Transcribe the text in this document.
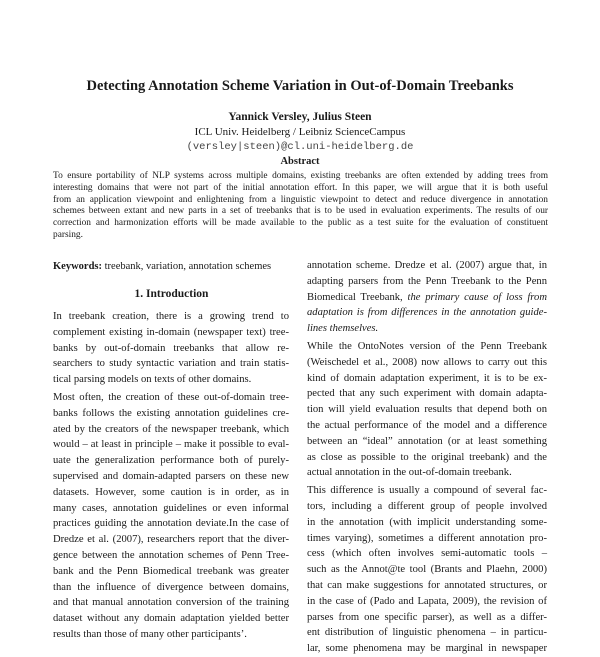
Detecting Annotation Scheme Variation in Out-of-Domain Treebanks
Yannick Versley, Julius Steen
ICL Univ. Heidelberg / Leibniz ScienceCampus
(versley|steen)@cl.uni-heidelberg.de
Abstract
To ensure portability of NLP systems across multiple domains, existing treebanks are often extended by adding trees from
interesting domains that were not part of the initial annotation effort. In this paper, we will argue that it is both useful
from an application viewpoint and enlightening from a linguistic viewpoint to detect and reduce divergence in annotation
schemes between extant and new parts in a set of treebanks that is to be used in evaluation experiments. The results of our
correction and harmonization efforts will be made available to the public as a test suite for the evaluation of constituent
parsing.
Keywords: treebank, variation, annotation schemes
1. Introduction
In treebank creation, there is a growing trend to
complement existing in-domain (newspaper text) tree-
banks by out-of-domain treebanks that allow re-
searchers to study syntactic variation and train statis-
tical parsing models on texts of other domains.
Most often, the creation of these out-of-domain tree-
banks follows the existing annotation guidelines cre-
ated by the creators of the newspaper treebank, which
would – at least in principle – make it possible to eval-
uate the generalization performance both of purely-
supervised and domain-adapted parsers on these new
datasets. However, some caution is in order, as in
many cases, annotation guidelines or even informal
practices guiding the annotation deviate.In the case of
Dredze et al. (2007), researchers report that the diver-
gence between the annotation schemes of Penn Tree-
bank and the Penn Biomedical treebank was greater
than the influence of divergence between domains,
and that manual annotation conversion of the training
dataset without any domain adaptation yielded better
results than those of many other participants’.
annotation scheme. Dredze et al. (2007) argue that, in
adapting parsers from the Penn Treebank to the Penn
Biomedical Treebank, the primary cause of loss from
adaptation is from differences in the annotation guide-
lines themselves.
While the OntoNotes version of the Penn Treebank
(Weischedel et al., 2008) now allows to carry out this
kind of domain adaptation experiment, it is to be ex-
pected that any such experiment with domain adapta-
tion will yield evaluation results that depend both on
the actual performance of the model and a difference
between an “ideal” annotation (or at least something
as close as possible to the original treebank) and the
actual annotation in the out-of-domain treebank.
This difference is usually a compound of several fac-
tors, including a different group of people involved
in the annotation (with implicit understanding some-
times varying), sometimes a different annotation pro-
cess (which often involves semi-automatic tools –
such as the Annot@te tool (Brants and Plaehn, 2000)
that can make suggestions for annotated structures, or
in the case of (Pado and Lapata, 2009), the revision of
parses from one specific parser), as well as a differ-
ent distribution of linguistic phenomena – in particu-
lar, some phenomena may be marginal in newspaper
